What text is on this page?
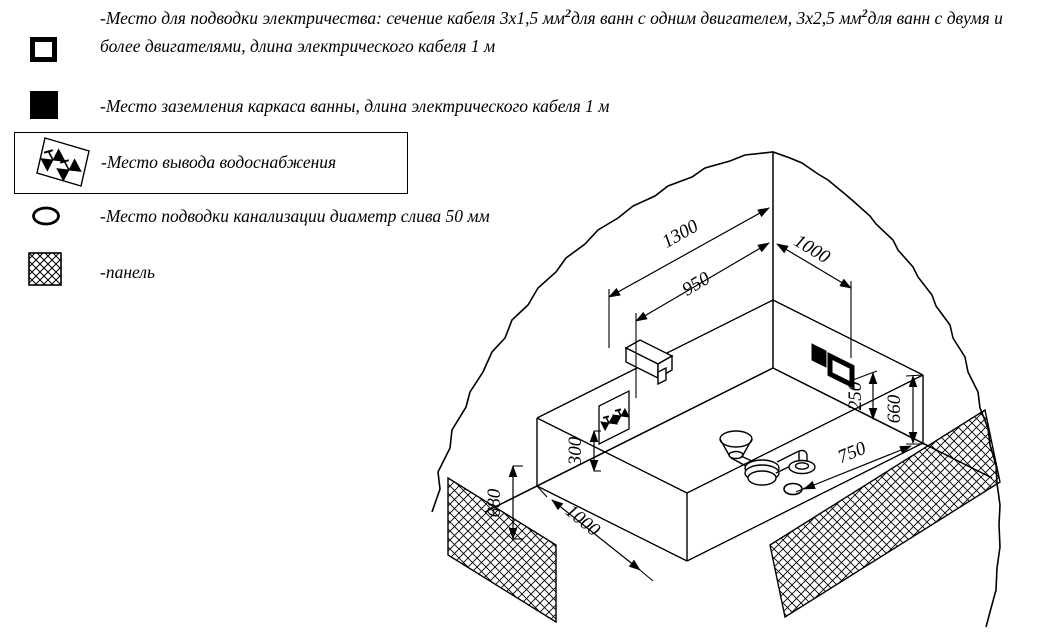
1300
950
1000
250 660
750
300
680	1000
-Место для подводки электричества: сечение кабеля 3х1,5 $мм^2для$ ванн с одним двигателем, 3х2,5 $мм^2для$ ванн с двумя и
более двигателями, длина электрического кабеля 1 м
-Место заземления каркаса ванны, длина электрического кабеля 1 м
-Место вывода водоснабжения
-Место подводки канализации диаметр слива 50 мм
-панель
